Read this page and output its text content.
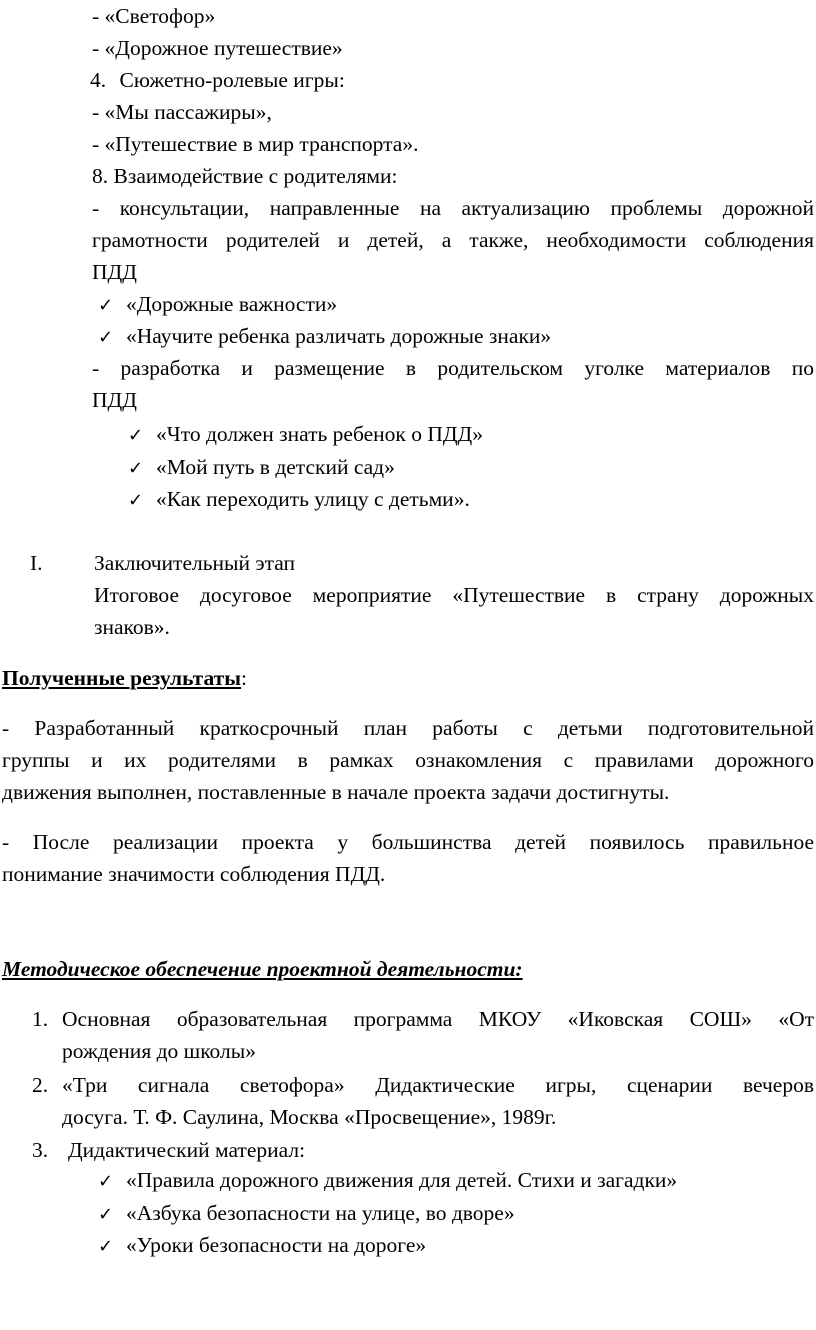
- «Светофор»
- «Дорожное путешествие»
4. Сюжетно-ролевые игры:
- «Мы пассажиры»,
- «Путешествие в мир транспорта».
8. Взаимодействие с родителями:
- консультации, направленные на актуализацию проблемы дорожной
грамотности родителей и детей, а также, необходимости соблюдения
ПДД
✓ «Дорожные важности»
✓ «Научите ребенка различать дорожные знаки»
- разработка и размещение в родительском уголке материалов по
ПДД
✓ «Что должен знать ребенок о ПДД»
✓ «Мой путь в детский сад»
✓ «Как переходить улицу с детьми».
I. Заключительный этап
Итоговое досуговое мероприятие «Путешествие в страну дорожных
знаков».
Полученные результаты:
- Разработанный краткосрочный план работы с детьми подготовительной
группы и их родителями в рамках ознакомления с правилами дорожного
движения выполнен, поставленные в начале проекта задачи достигнуты.
- После реализации проекта у большинства детей появилось правильное
понимание значимости соблюдения ПДД.
Методическое обеспечение проектной деятельности:
1. Основная образовательная программа МКОУ «Иковская СОШ» «От
рождения до школы»
2. «Три сигнала светофора» Дидактические игры, сценарии вечеров
досуга. Т. Ф. Саулина, Москва «Просвещение», 1989г.
3. Дидактический материал:
✓ «Правила дорожного движения для детей. Стихи и загадки»
✓ «Азбука безопасности на улице, во дворе»
✓ «Уроки безопасности на дороге»
